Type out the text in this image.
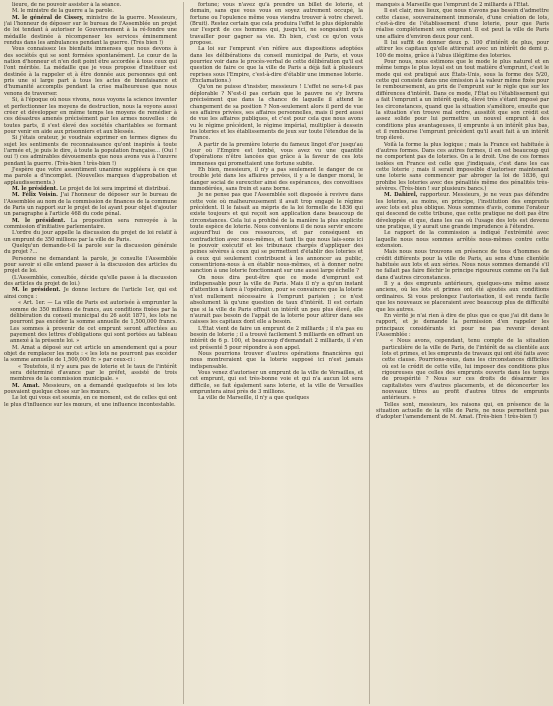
lieure, de ne pouvoir assister à la séance.

M. le ministre de la guerre a la parole.

M. le général de Cissey, ministre de la guerre. Messieurs, j'ai l'honneur de déposer sur le bureau de l'Assemblée un projet de loi tendant à autoriser le Gouvernement à la ré-fondre une médaille destinée à récompenser les services éminemment rendus dans les ambulances pendant la guerre. (Très bien !)

Vous connaissez les bienfaits immenses que nous devons à des sociétés qui se sont formées spontanément. Le cœur de la nation d'honneur et n'en doit point étre accordée à tous ceux qui l'ont méritée. La médaille que je vous propose d'instituer est destinée à la rappeler et à être donnée aux personnes qui ont pris une si large part à tous les actes de bienfaisance et d'humanité accomplis pendant la crise malheureuse que nous venons de traverser.

Si, à l'époque où nous vivons, nous voyons la science inventer et perfectionner les moyens de destruction, nous la voyons aussi créer et développer en même temps les moyens de remédier à ces désastres amenés précisément par les armes nouvelles : de toutes parts, il s'est élevé des sociétés charitables se formant pour venir en aide aux prisonniers et aux blessés.

Si j'étais orateur, je voudrais exprimer en termes dignes du sujet les sentiments de reconnaissance qu'ont inspirés à toute l'armée et, je puis le dire, à toute la population française... (Oui ! oui !) ces admirables dévouements que nous avons vus à l'œuvre pendant la guerre. (Très-bien ! très-bien !)

J'espère que votre assentiment unanime suppléera à ce que ma parole a d'incomplet. (Nouvelles marques d'approbation et applaudissements.)

M. le président. Le projet de loi sera imprimé et distribué.

M. Félix Voisin. J'ai l'honneur de déposer sur le bureau de l'Assemblée au nom de la commission de finances de la commune de Paris un rapport sur le projet de loi ayant pour objet d'ajouter un paragraphe à l'article 468 du code pénal.

M. le président. La proposition sera renvoyée à la commission d'initiative parlementaire.

L'ordre du jour appelle la discussion du projet de loi relatif à un emprunt de 350 millions par la ville de Paris.

Quelqu'un demande-t-il la parole sur la discussion générale du projet ?...

Personne ne demandant la parole, je consulte l'Assemblée pour savoir si elle entend passer à la discussion des articles du projet de loi.

(L'Assemblée, consultée, décide qu'elle passe à la discussion des articles du projet de loi.)

M. le président. Je donne lecture de l'article 1er, qui est ainsi conçu :

« Art. 1er. — La ville de Paris est autorisée à emprunter la somme de 350 millions de francs, aux conditions fixées par la délibération du conseil municipal du 26 août 1871, les lots ne pourront pas excéder la somme annuelle de 1,500,000 francs. Les sommes à provenir de cet emprunt seront affectées au payement des lettres d'obligations qui sont portées au tableau annexé à la présente loi. »

M. Amat a déposé sur cet article un amendement qui a pour objet de remplacer les mots : « les lots ne pourront pas excéder la somme annuelle de 1,500,000 fr. » par ceux-ci :

« Toutefois, il n'y aura pas de loterie et le taux de l'intérêt sera déterminé d'avance par le préfet, assisté de trois membres de la commission municipale. »

M. Amat. Messieurs, on a demandé quelquefois si les lots pouvaient quelque chose sur les mœurs.

Le lot qui vous est soumis, en ce moment, est de celles qui ont le plus d'influence sur les mœurs, et une influence incontestable.

fortune; vous n'avez qu'à prendre un billet de loterie, et demain, sans que vous vous en soyez autrement occupé, la fortune ou l'opulence même vous viendra trouver à votre chevet. (Bruit). Restez certain que cela produira l'effet le plus déplorable sur l'esprit de ces hommes qui, jusqu'ici, ne songeaient qu'à travailler pour gagner sa vie. Eh bien, c'est ce qu'on vous propose.

La loi sur l'emprunt s'en réfère aux dispositions adoptées dans les délibérations du conseil municipal de Paris, et vous pourriez voir dans le procès-verbal de cette délibération qu'il est question de faire ce que la ville de Paris a déjà fait à plusieurs reprises sous l'Empire, c'est-à-dire d'établir une immense loterie. (Exclamations.)

Qu'on ne puisse d'insister, messieurs ! L'effet ne sera-t-il pas déplorable ? N'est-il pas certain que le pauvre ne s'y livrera précisément que dans la chance de laquelle il attend le changement de sa position ? Non-seulement alors il perd de vue ses affaires privées, ses affaires personnelles, mais il perd aussi de vue les affaires publiques, et c'est pour cela que nous avons vu le régime précédent, le régime impérial, multiplier à dessein les loteries et les établissements de jeux sur toute l'étendue de la France.

A partir de la première loterie du fameux lingot d'or jusqu'au jour où l'Empire est tombé, vous avez vu une quantité d'opérations n'être lancées que grâce à la faveur de ces lots immenses qui promettaient une fortune subite.

Eh bien, messieurs, il n'y a pas seulement le danger de ce trouble jeté dans les affaires privées, il y a le danger moral, le danger social de surexciter ainsi des espérances, des convoitises immodérées, sans frein et sans borne.

Je ne pense pas que l'Assemblée soit disposée à revivre dans cette voie où malheureusement il avait trop engagé le régime précédent. Il le faisait au mépris de la loi formelle de 1836 qui existe toujours et qui reçoit son application dans beaucoup de circonstances. Cela lui a prohibé de la manière la plus explicite toute espèce de loterie. Nous convenions il de nous servir encore aujourd'hui de ces ressources, et par conséquent en contradiction avec nous-mêmes, et tant lis que nous lais-sons ici le pouvoir exécutif et les tribunaux chargés d'appliquer des peines sévères à ceux qui se permettent d'établir des loteries et à ceux qui seulement contribuent à les annoncer au public, consentirions-nous à en établir nous-mêmes, et à donner notre sanction à une loterie fonctionnant sur une aussi large échelle ?

On nous dira peut-être que ce mode d'emprunt est indispensable pour la ville de Paris. Mais il n'y a qu'un instant d'attention à faire à l'opération, pour se convaincre que la loterie n'est nullement nécessaire à l'emprunt parisien ; ce n'est absolument là qu'une question de taux d'intérêt. Il est certain que si la ville de Paris offrait un intérêt un peu plus élevé, elle n'aurait pas besoin de l'appât de la loterie pour attirer dans ses caisses les capitaux dont elle a besoin.

L'État vient de faire un emprunt de 2 milliards ; il n'a pas eu besoin de loterie ; il a trouvé facilement 5 milliards en offrant un intérêt de 6 p. 100, et beaucoup d'demandait 2 milliards, il s'en est présenté 5 pour répondre à son appel.

Nous pourrions trouver d'autres opérations financières qui nous montreraient que la loterie supposé ici n'est jamais indispensable.

Vous venez d'autoriser un emprunt de la ville de Versailles, et cet emprunt, qui est très-bonne voie et qui n'a aucun lot sera difficile, se fait également sans loterie, et la ville de Versailles empruntera ainsi près de 3 millions.

La ville de Marseille, il n'y a que quelques

manqués à Marseille que l'emprunt de 2 milliards à l'État.

Il est clair, mes lieux, que nous n'avons pas besoin d'admettre cette clause, souverainement immorale, d'une création de lots, c'est-à-dire de l'établissement d'une loterie, pour que Paris réalise complètement son emprunt. Il est peut la ville de Paris une affaire d'environ deux pour cent.

Il lui suffit de donner deux p. 100 d'intérêt de plus, pour attirer les capitaux qu'elle attirerait avec un intérêt de demi p. 100 de moins, grâce à l'abus illégitime des loteries.

Pour nous, nous estimons que le mode le plus naturel et en même temps le plus loyal est un tout matière d'emprunt, c'est le mode qui est pratiqué aux États-Unis, sous la forme des 5/20, cette qui consiste dans une émission à la valeur même fixée pour le remboursement, au prix de l'emprunt sur le règle que sur les différences d'intérêt. Dans ce mode, l'État ou l'établissement qui a fait l'emprunt a un intérêt quelq. élevé très s'étant imposé par les circonstances, quand que la situation s'améliore, ensuite que la situation s'en trouve mal ordre, aussitôt que son crédit est assez solide pour lui permettre un nouvel emprunt à des conditions plus avantageuses, il emprunte à un intérêt plus bas, et il rembourse l'emprunt précédent qu'il avait fait à un intérêt trop élevé.

Voilà la forme la plus logique ; mais la France est habituée à d'autres formes. Dans ces autres formes, il en est beaucoup qui ne comportent pas de loteries. On a le droit. Une de ces formes isolées en France est celle que j'indiquais, c'est dans les cas cette loterie ; mais il serait impossible d'autoriser maintenant une loterie sans commencer par abroger la loi de 1836, qui prohibe les loteries avec des pénalités même des pénalités très-sévères. (Très-bien ! sur plusieurs bancs.)

M. Dahirel, rapporteur. Messieurs, je ne veux pas défendre les loteries, au moins, en principe, l'institution des emprunts avec lots est plus oblique. Nous sommes d'avis, comme l'orateur qui descend de cette tribune, que cette pratique ne doit pas être développée et que, dans les cas où l'usage des lots est devenu une pratique, il y aurait une grande imprudence à l'étendre.

Le rapport de la commission a indiqué l'extrémité avec laquelle nous nous sommes arrêtés nous-mêmes contre cette extension.

Mais nous nous trouvons en présence de tous d'hommes de crédit différents pour la ville de Paris, au sens d'une clientèle habituée aux lots et aux séries. Nous nous sommes demandé s'il ne fallait pas faire fléchir le principe rigoureux comme on l'a fait dans d'autres circonstances.

Il y a des emprunts antérieurs, quelques-uns même assez anciens, où les lots et primes ont été ajoutés aux conditions ordinaires. Si vous prolongez l'autorisation, il est rendu facile que les nouveaux se placeraient avec beaucoup plus de difficulté que les autres.

En vérité je n'ai rien à dire de plus que ce que j'ai dit dans le rapport, et je demande la permission d'en rappeler les principaux considérants ici pour ne pas revenir devant l'Assemblée :

« Nous avons, cependant, tenu compte de la situation particulière de la ville de Paris, de l'intérêt de sa clientèle aux lots et primes, et les emprunts de travaux qui ont été faits avec cette clause. Pourrions-nous, dans les circonstances difficiles où est le crédit de cette ville, lui imposer des conditions plus rigoureuses que celles des emprunts ouverts dans les temps de prospérité ? Nous sur ces droits de désarmer les capitalistes vers d'autres placements, et de déconcerter les nouveaux titres au profit d'autres titres de emprunts antérieurs. »

Telles sont, messieurs, les raisons qui, en présence de la situation actuelle de la ville de Paris, ne nous permettent pas d'adopter l'amendement de M. Amat. (Très-bien ! très-bien !)
